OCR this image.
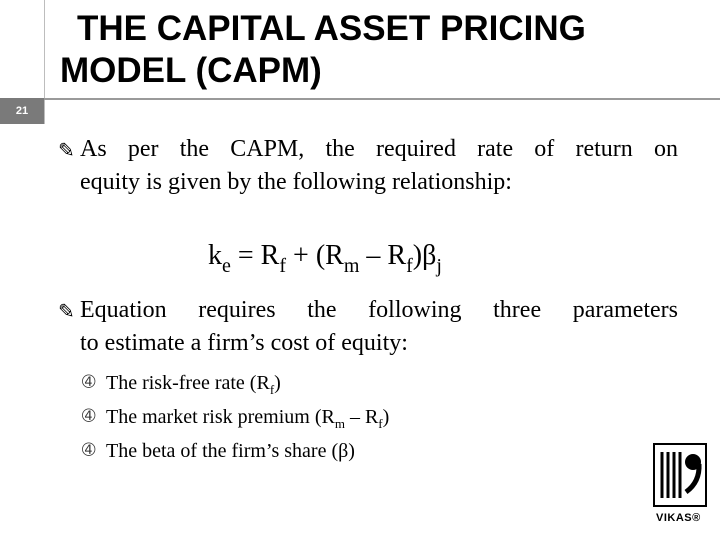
21
THE CAPITAL ASSET PRICING
MODEL (CAPM)
✎ As per the CAPM, the required rate of return on
equity is given by the following relationship:
$k_e = R_f + (R_m - R_f)\beta_j$
✎ Equation requires the following three parameters
to estimate a firm’s cost of equity:
➃ The risk-free rate $(R_f)$
➃ The market risk premium $(R_m - R_f)$
➃ The beta of the firm’s share (β)
VIKAS®
